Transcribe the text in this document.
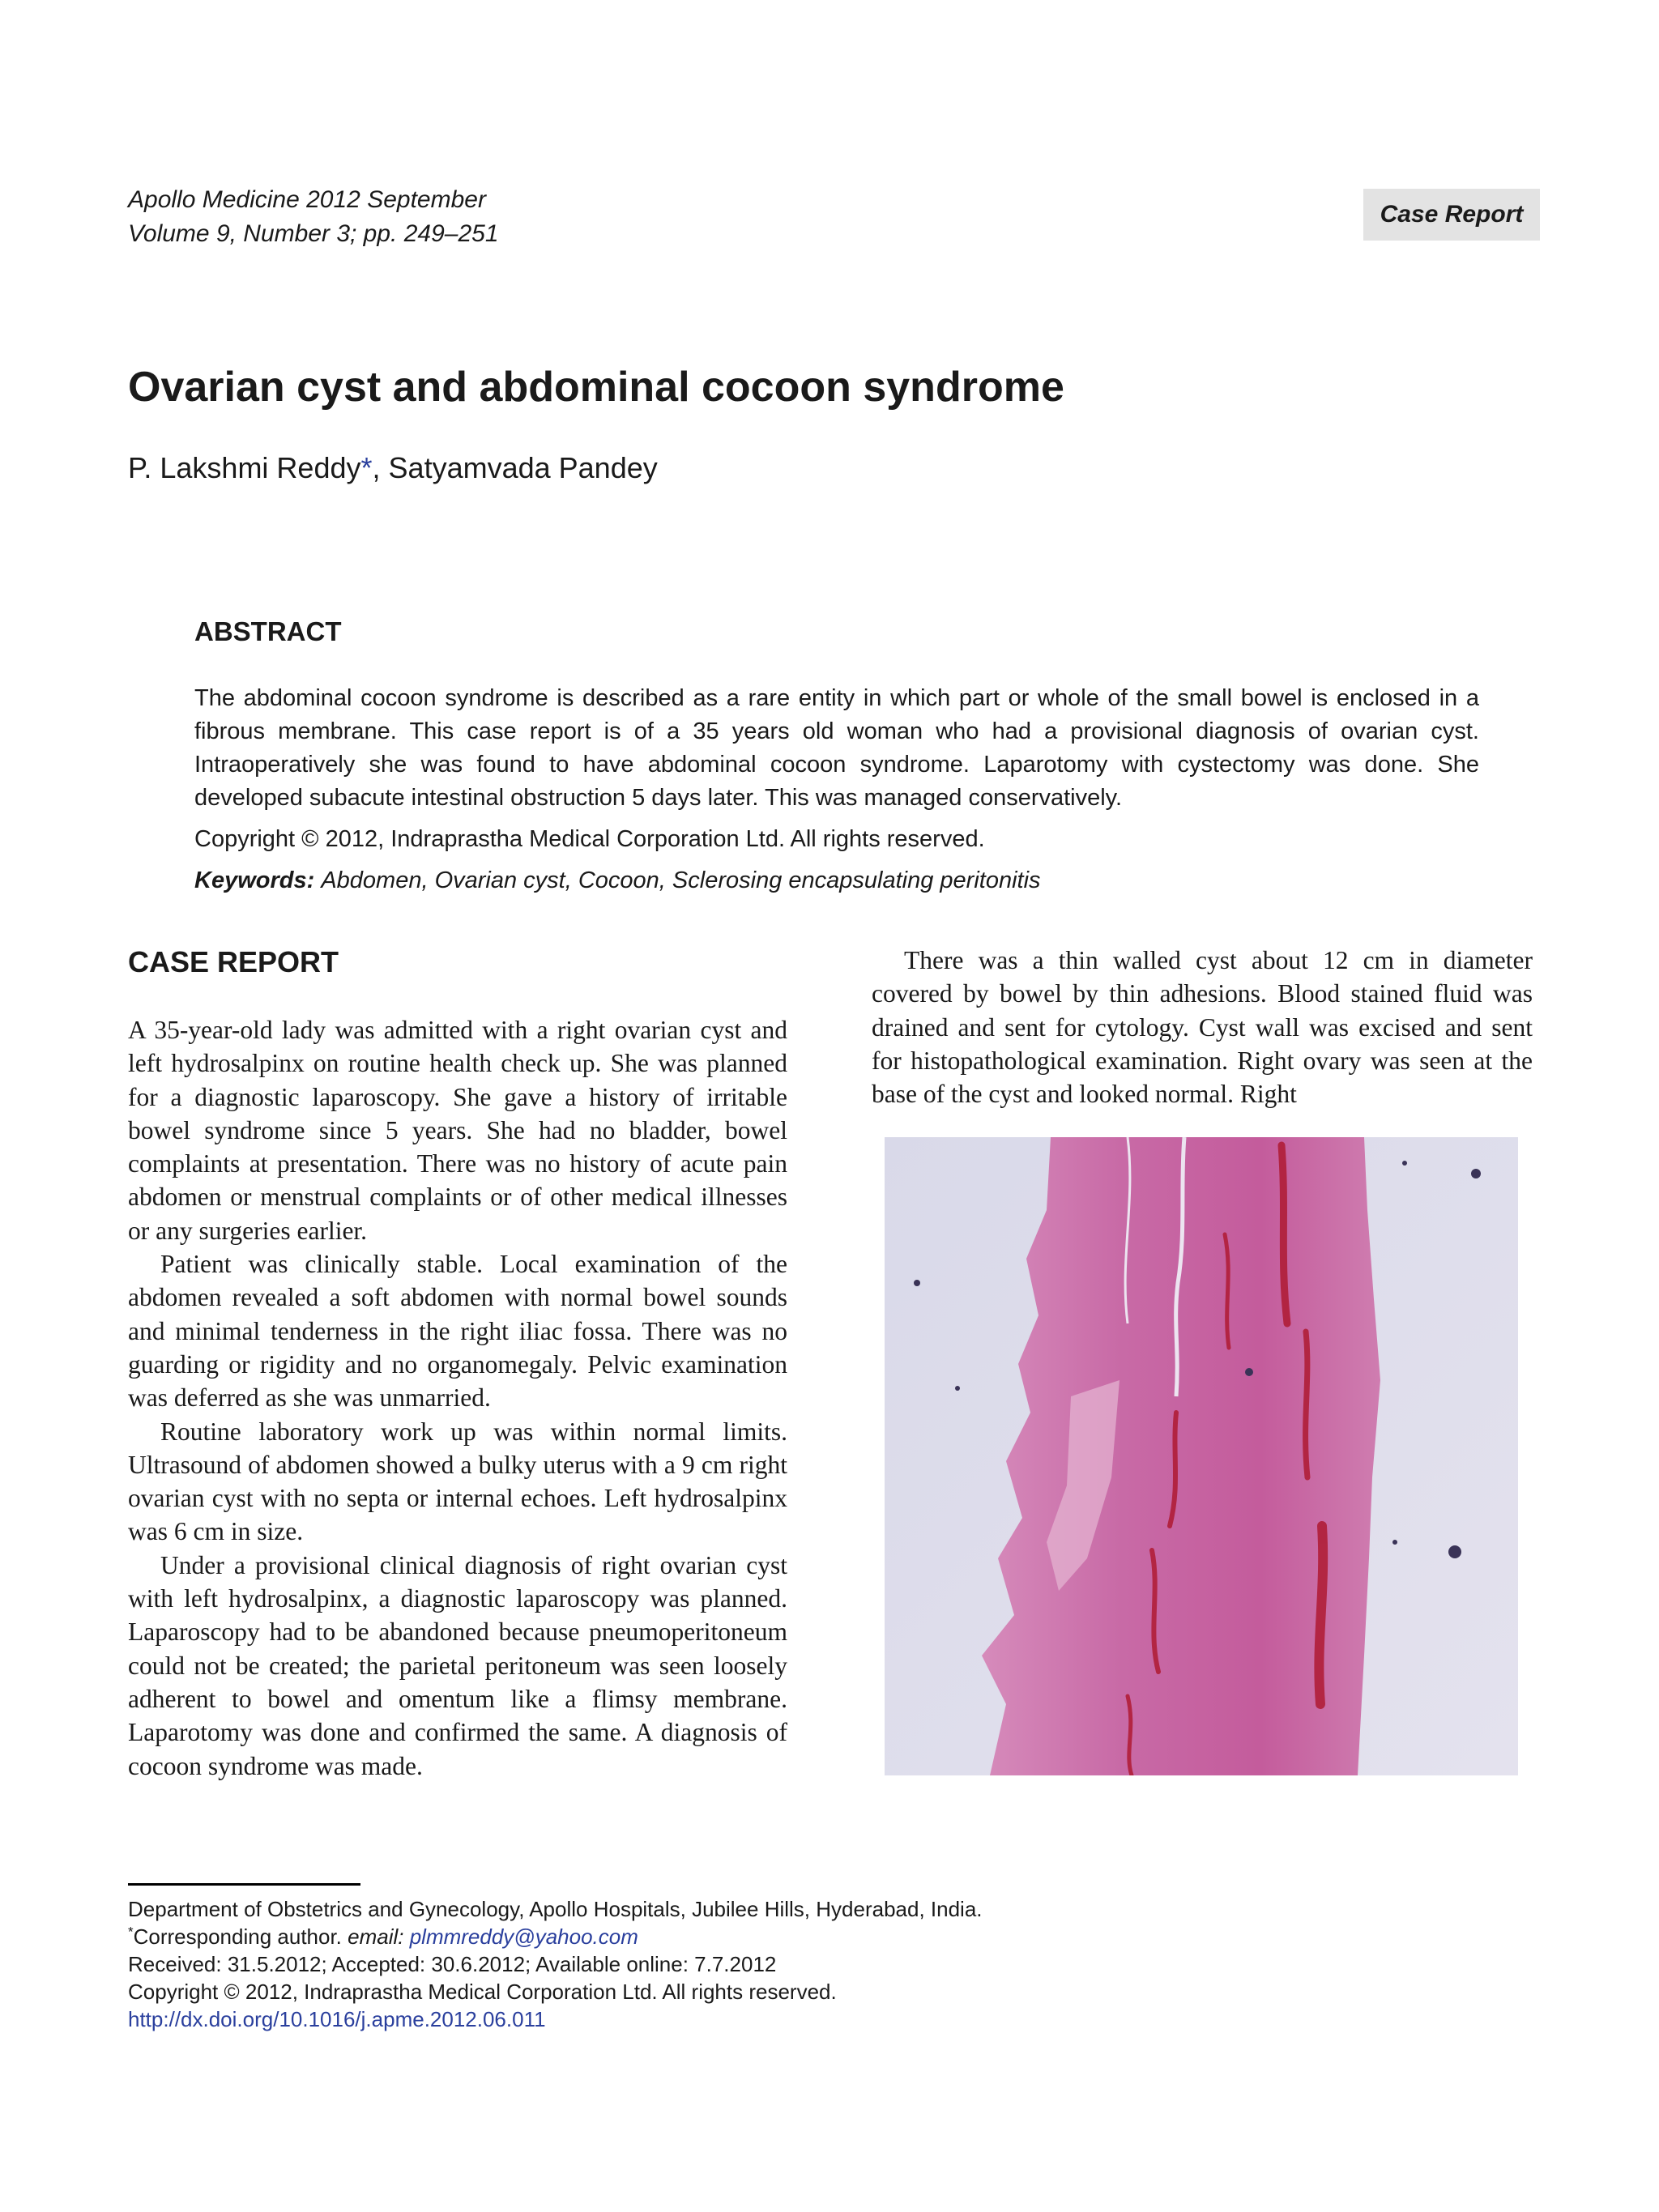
Apollo Medicine 2012 September
Volume 9, Number 3; pp. 249–251
Case Report
Ovarian cyst and abdominal cocoon syndrome
P. Lakshmi Reddy*, Satyamvada Pandey
ABSTRACT

The abdominal cocoon syndrome is described as a rare entity in which part or whole of the small bowel is enclosed in a fibrous membrane. This case report is of a 35 years old woman who had a provisional diagnosis of ovarian cyst. Intraoperatively she was found to have abdominal cocoon syndrome. Laparotomy with cystectomy was done. She developed subacute intestinal obstruction 5 days later. This was managed conservatively.

Copyright © 2012, Indraprastha Medical Corporation Ltd. All rights reserved.

Keywords: Abdomen, Ovarian cyst, Cocoon, Sclerosing encapsulating peritonitis

CASE REPORT

A 35-year-old lady was admitted with a right ovarian cyst and left hydrosalpinx on routine health check up. She was planned for a diagnostic laparoscopy. She gave a history of irritable bowel syndrome since 5 years. She had no bladder, bowel complaints at presentation. There was no history of acute pain abdomen or menstrual complaints or of other medical illnesses or any surgeries earlier.

Patient was clinically stable. Local examination of the abdomen revealed a soft abdomen with normal bowel sounds and minimal tenderness in the right iliac fossa. There was no guarding or rigidity and no organomegaly. Pelvic examination was deferred as she was unmarried.

Routine laboratory work up was within normal limits. Ultrasound of abdomen showed a bulky uterus with a 9 cm right ovarian cyst with no septa or internal echoes. Left hydrosalpinx was 6 cm in size.

Under a provisional clinical diagnosis of right ovarian cyst with left hydrosalpinx, a diagnostic laparoscopy was planned. Laparoscopy had to be abandoned because pneumoperitoneum could not be created; the parietal peritoneum was seen loosely adherent to bowel and omentum like a flimsy membrane. Laparotomy was done and confirmed the same. A diagnosis of cocoon syndrome was made.

There was a thin walled cyst about 12 cm in diameter covered by bowel by thin adhesions. Blood stained fluid was drained and sent for cytology. Cyst wall was excised and sent for histopathological examination. Right ovary was seen at the base of the cyst and looked normal. Right

Department of Obstetrics and Gynecology, Apollo Hospitals, Jubilee Hills, Hyderabad, India.
*Corresponding author. email: plmmreddy@yahoo.com
Received: 31.5.2012; Accepted: 30.6.2012; Available online: 7.7.2012
Copyright © 2012, Indraprastha Medical Corporation Ltd. All rights reserved.
http://dx.doi.org/10.1016/j.apme.2012.06.011
